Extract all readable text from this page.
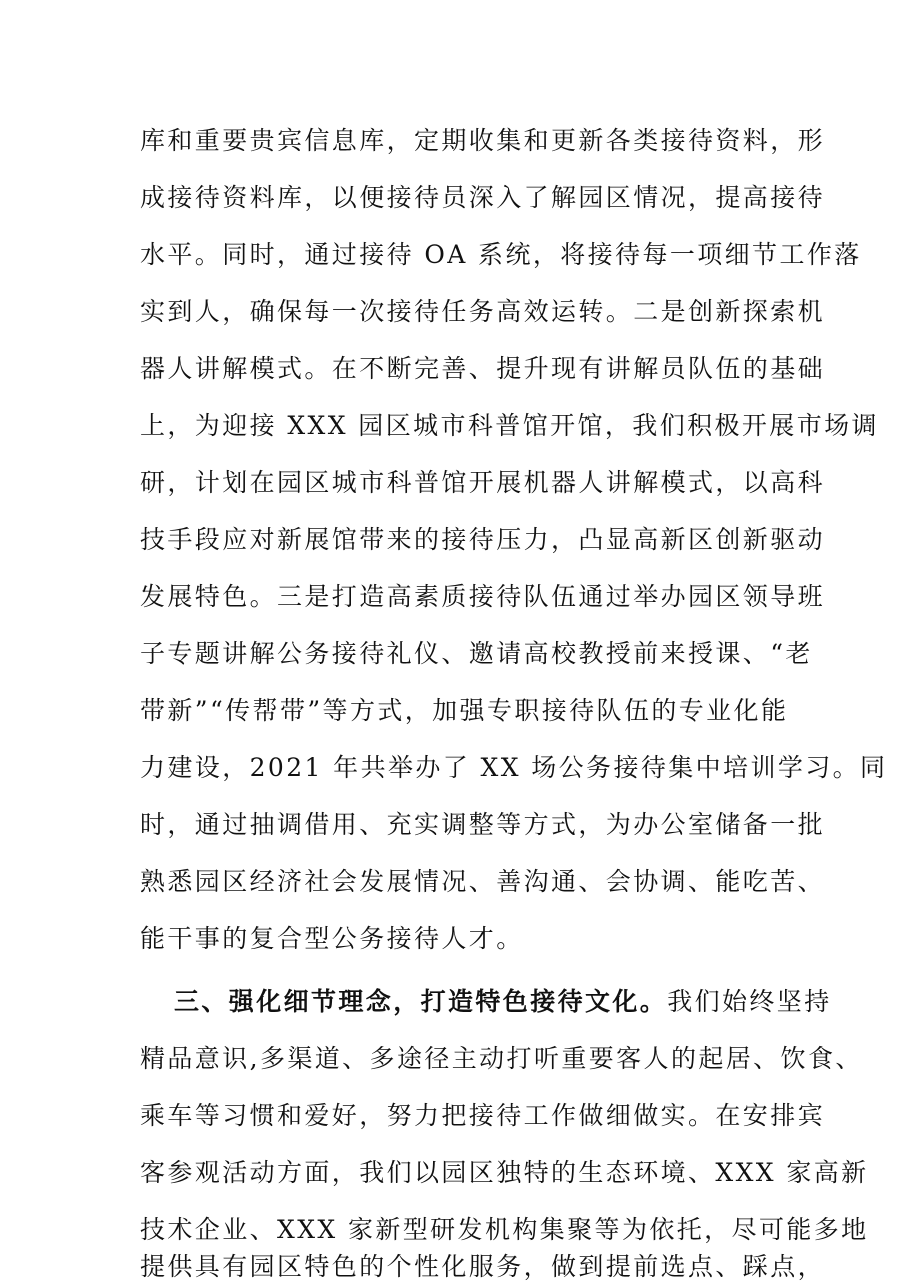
库和重要贵宾信息库，定期收集和更新各类接待资料，形
成接待资料库，以便接待员深入了解园区情况，提高接待
水平。同时，通过接待 OA 系统，将接待每一项细节工作落
实到人，确保每一次接待任务高效运转。二是创新探索机
器人讲解模式。在不断完善、提升现有讲解员队伍的基础
上，为迎接 XXX 园区城市科普馆开馆，我们积极开展市场调
研，计划在园区城市科普馆开展机器人讲解模式，以高科
技手段应对新展馆带来的接待压力，凸显高新区创新驱动
发展特色。三是打造高素质接待队伍通过举办园区领导班
子专题讲解公务接待礼仪、邀请高校教授前来授课、“老
带新”“传帮带”等方式，加强专职接待队伍的专业化能
力建设，2021 年共举办了 XX 场公务接待集中培训学习。同
时，通过抽调借用、充实调整等方式，为办公室储备一批
熟悉园区经济社会发展情况、善沟通、会协调、能吃苦、
能干事的复合型公务接待人才。
三、强化细节理念，打造特色接待文化。我们始终坚持
精品意识,多渠道、多途径主动打听重要客人的起居、饮食、
乘车等习惯和爱好，努力把接待工作做细做实。在安排宾
客参观活动方面，我们以园区独特的生态环境、XXX 家高新
技术企业、XXX 家新型研发机构集聚等为依托，尽可能多地
提供具有园区特色的个性化服务，做到提前选点、踩点，
